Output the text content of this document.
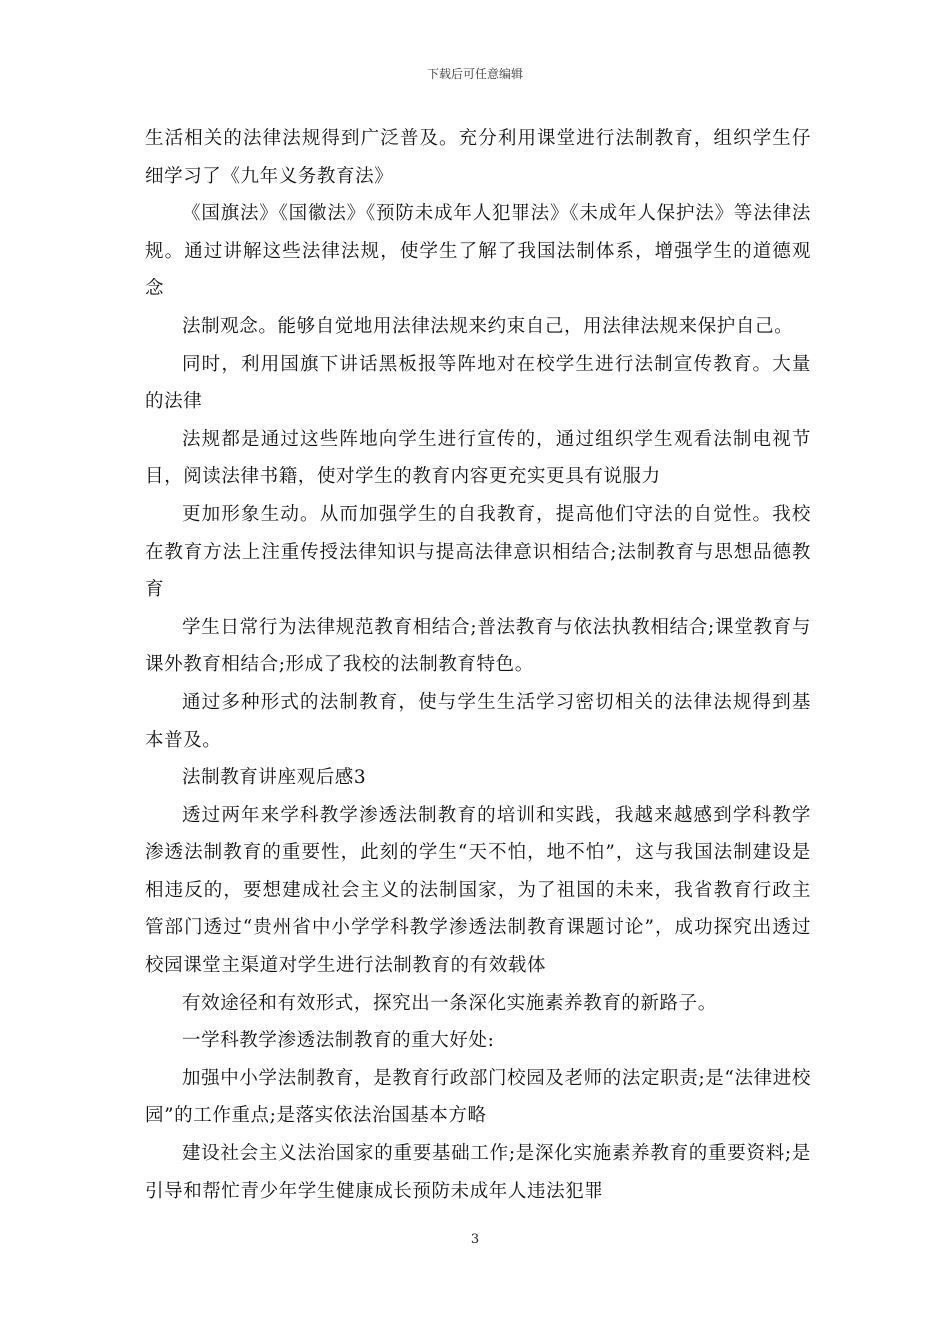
下载后可任意编辑

生活相关的法律法规得到广泛普及。充分利用课堂进行法制教育，组织学生仔细学习了《九年义务教育法》

《国旗法》《国徽法》《预防未成年人犯罪法》《未成年人保护法》等法律法规。通过讲解这些法律法规，使学生了解了我国法制体系，增强学生的道德观念

法制观念。能够自觉地用法律法规来约束自己，用法律法规来保护自己。

同时，利用国旗下讲话黑板报等阵地对在校学生进行法制宣传教育。大量的法律

法规都是通过这些阵地向学生进行宣传的，通过组织学生观看法制电视节目，阅读法律书籍，使对学生的教育内容更充实更具有说服力

更加形象生动。从而加强学生的自我教育，提高他们守法的自觉性。我校在教育方法上注重传授法律知识与提高法律意识相结合;法制教育与思想品德教育

学生日常行为法律规范教育相结合;普法教育与依法执教相结合;课堂教育与课外教育相结合;形成了我校的法制教育特色。

通过多种形式的法制教育，使与学生生活学习密切相关的法律法规得到基本普及。

法制教育讲座观后感3

透过两年来学科教学渗透法制教育的培训和实践，我越来越感到学科教学渗透法制教育的重要性，此刻的学生“天不怕，地不怕”，这与我国法制建设是相违反的，要想建成社会主义的法制国家，为了祖国的未来，我省教育行政主管部门透过“贵州省中小学学科教学渗透法制教育课题讨论”，成功探究出透过校园课堂主渠道对学生进行法制教育的有效载体

有效途径和有效形式，探究出一条深化实施素养教育的新路子。

一学科教学渗透法制教育的重大好处:

加强中小学法制教育，是教育行政部门校园及老师的法定职责;是“法律进校园”的工作重点;是落实依法治国基本方略

建设社会主义法治国家的重要基础工作;是深化实施素养教育的重要资料;是引导和帮忙青少年学生健康成长预防未成年人违法犯罪

3
